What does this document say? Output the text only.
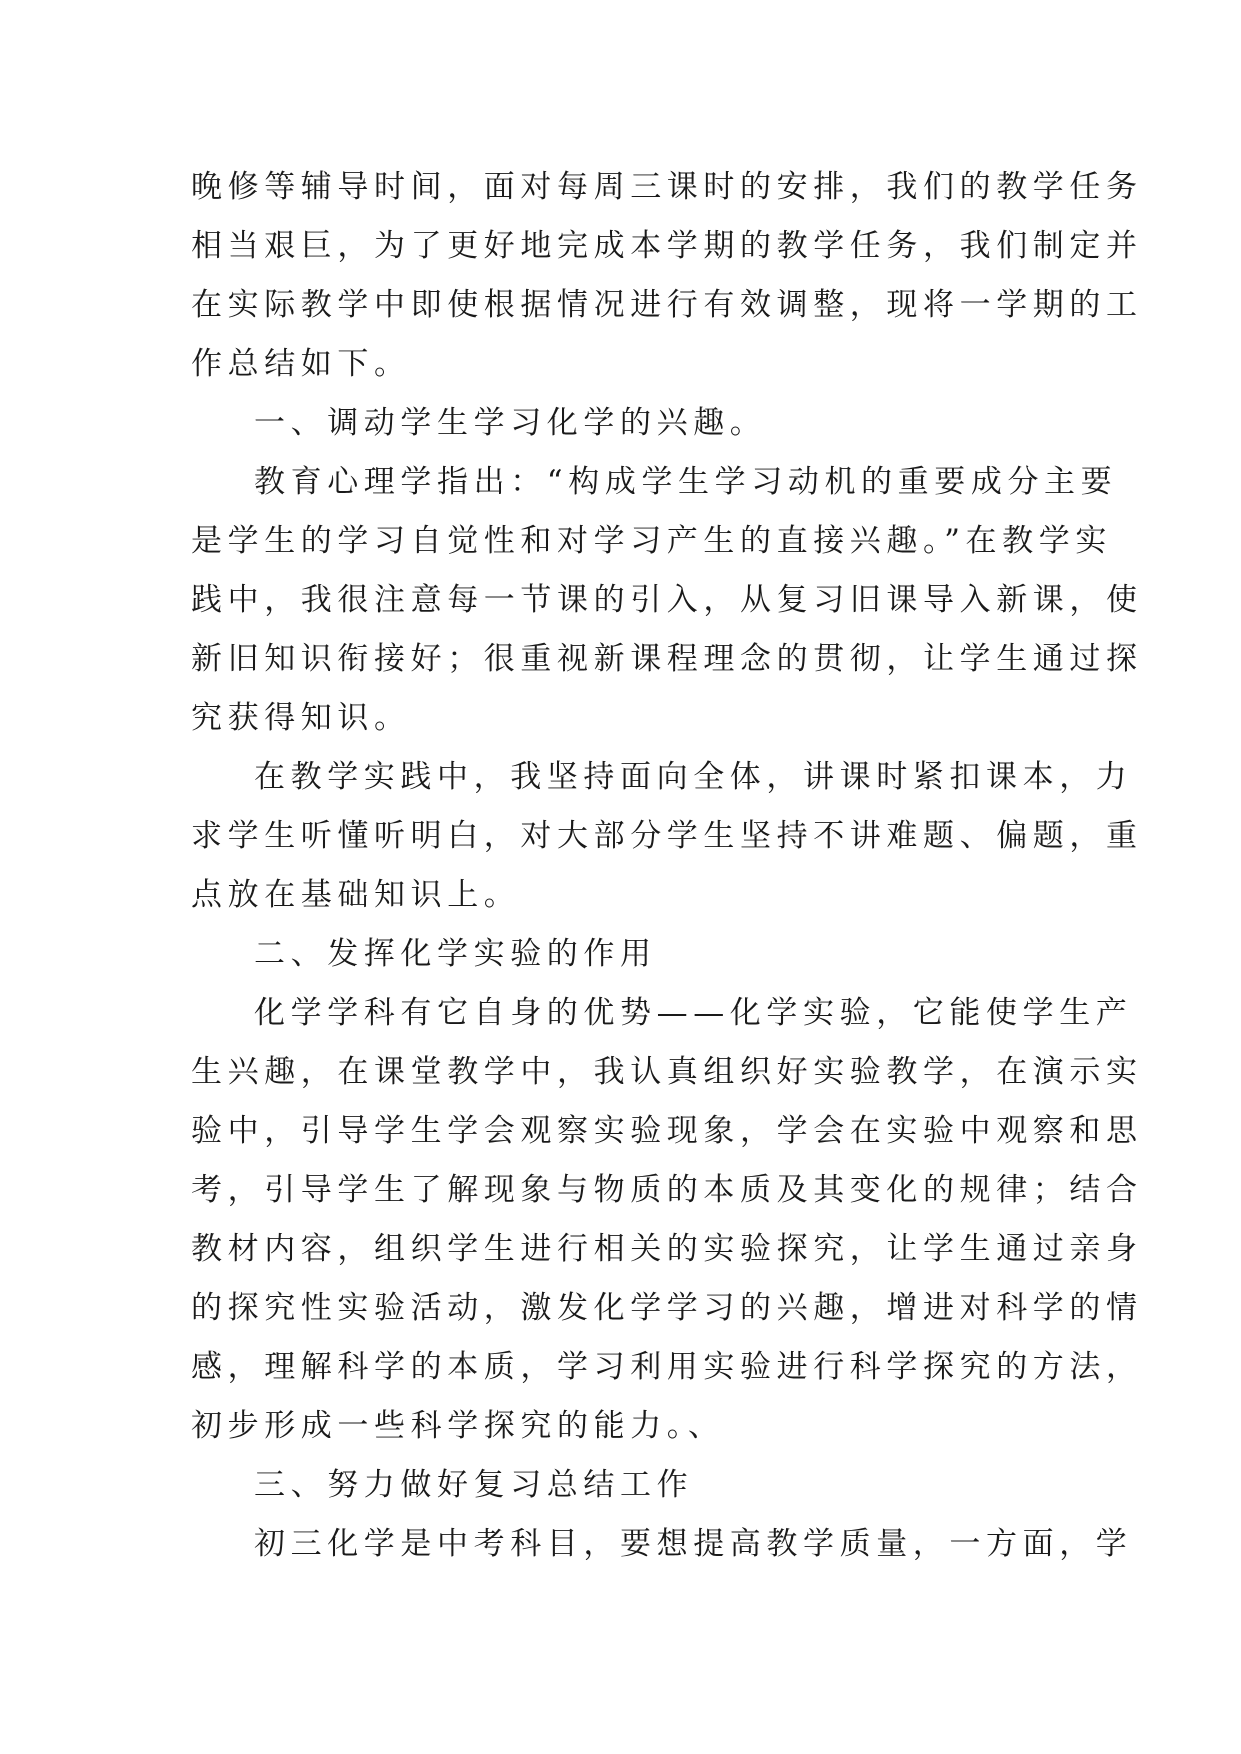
晚修等辅导时间，面对每周三课时的安排，我们的教学任务
相当艰巨，为了更好地完成本学期的教学任务，我们制定并
在实际教学中即使根据情况进行有效调整，现将一学期的工
作总结如下。
一、调动学生学习化学的兴趣。
教育心理学指出：“构成学生学习动机的重要成分主要
是学生的学习自觉性和对学习产生的直接兴趣。”在教学实
践中，我很注意每一节课的引入，从复习旧课导入新课，使
新旧知识衔接好；很重视新课程理念的贯彻，让学生通过探
究获得知识。
在教学实践中，我坚持面向全体，讲课时紧扣课本，力
求学生听懂听明白，对大部分学生坚持不讲难题、偏题，重
点放在基础知识上。
二、发挥化学实验的作用
化学学科有它自身的优势——化学实验，它能使学生产
生兴趣，在课堂教学中，我认真组织好实验教学，在演示实
验中，引导学生学会观察实验现象，学会在实验中观察和思
考，引导学生了解现象与物质的本质及其变化的规律；结合
教材内容，组织学生进行相关的实验探究，让学生通过亲身
的探究性实验活动，激发化学学习的兴趣，增进对科学的情
感，理解科学的本质，学习利用实验进行科学探究的方法，
初步形成一些科学探究的能力。、
三、努力做好复习总结工作
初三化学是中考科目，要想提高教学质量，一方面，学
